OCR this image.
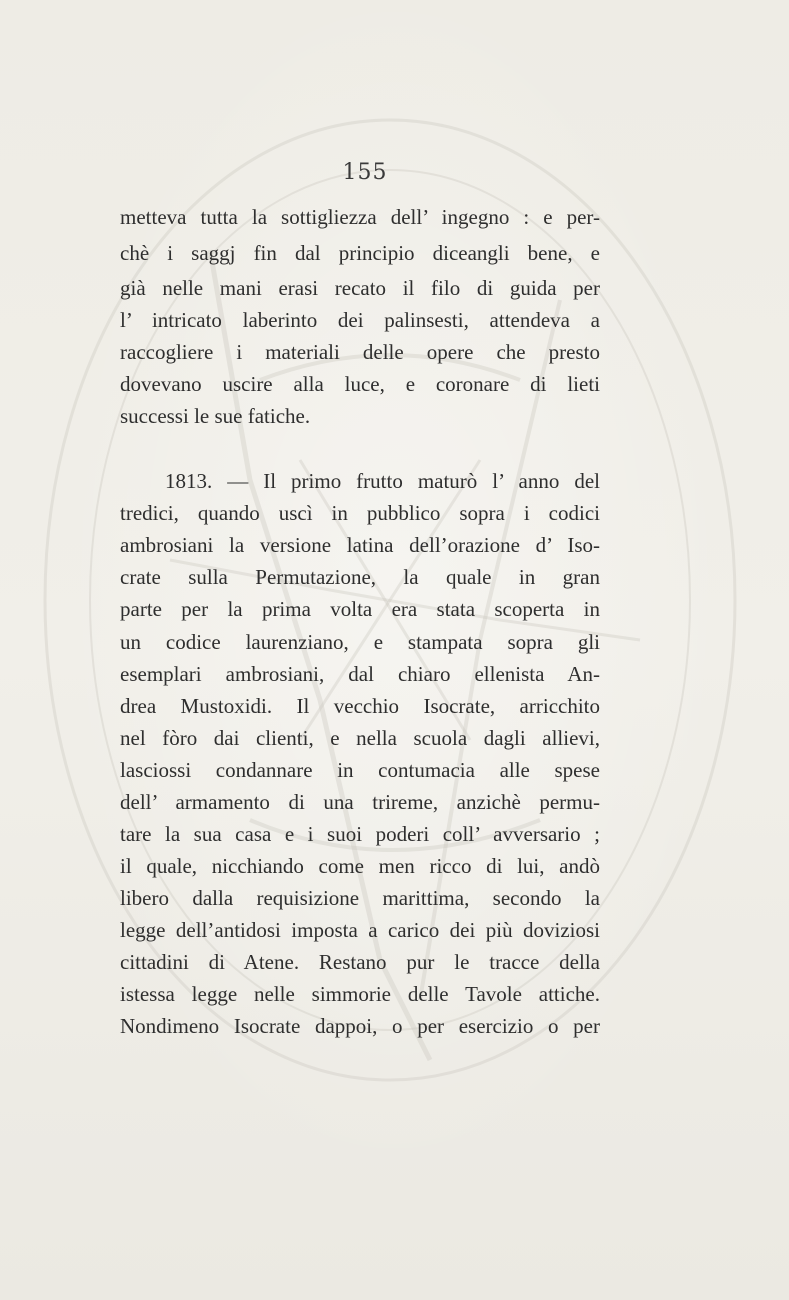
155
metteva tutta la sottigliezza dell’ ingegno : e per-
chè i saggj fin dal principio diceangli bene, e
già nelle mani erasi recato il filo di guida per
l’ intricato laberinto dei palinsesti, attendeva a
raccogliere i materiali delle opere che presto
dovevano uscire alla luce, e coronare di lieti
successi le sue fatiche.
1813. — Il primo frutto maturò l’ anno del
tredici, quando uscì in pubblico sopra i codici
ambrosiani la versione latina dell’orazione d’ Iso-
crate sulla Permutazione, la quale in gran
parte per la prima volta era stata scoperta in
un codice laurenziano, e stampata sopra gli
esemplari ambrosiani, dal chiaro ellenista An-
drea Mustoxidi. Il vecchio Isocrate, arricchito
nel fòro dai clienti, e nella scuola dagli allievi,
lasciossi condannare in contumacia alle spese
dell’ armamento di una trireme, anzichè permu-
tare la sua casa e i suoi poderi coll’ avversario ;
il quale, nicchiando come men ricco di lui, andò
libero dalla requisizione marittima, secondo la
legge dell’antidosi imposta a carico dei più doviziosi
cittadini di Atene. Restano pur le tracce della
istessa legge nelle simmorie delle Tavole attiche.
Nondimeno Isocrate dappoi, o per esercizio o per
